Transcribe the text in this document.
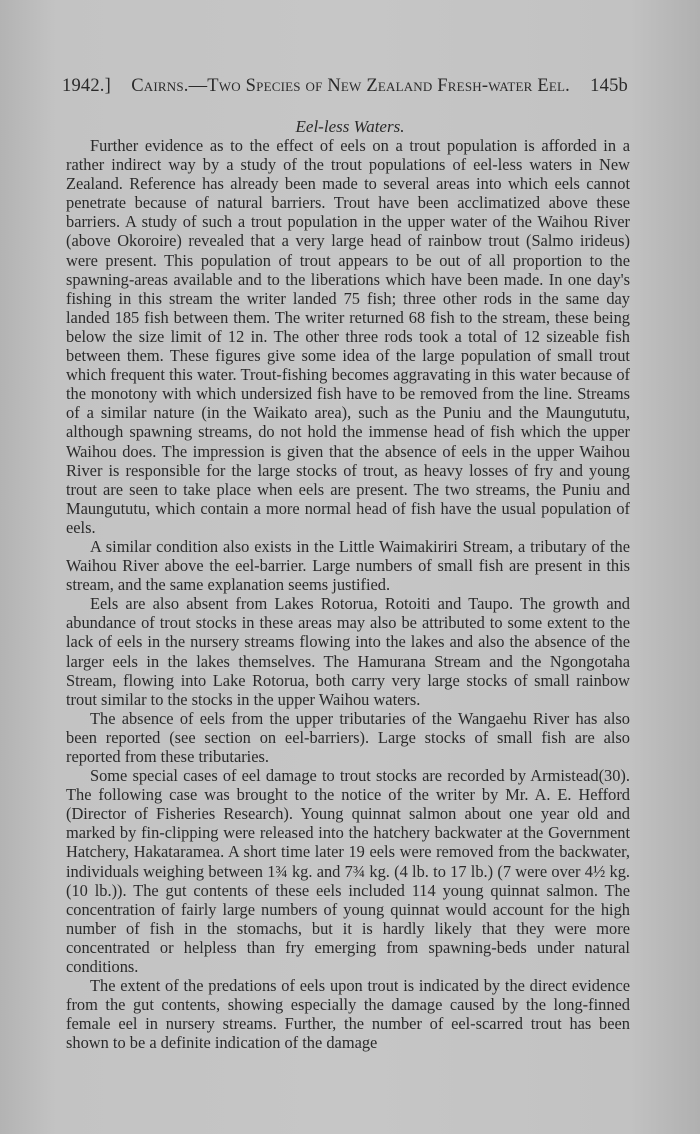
1942.] Cairns.—Two Species of New Zealand Fresh-water Eel. 145b
Eel-less Waters.

Further evidence as to the effect of eels on a trout population is afforded in a rather indirect way by a study of the trout populations of eel-less waters in New Zealand. Reference has already been made to several areas into which eels cannot penetrate because of natural barriers. Trout have been acclimatized above these barriers. A study of such a trout population in the upper water of the Waihou River (above Okoroire) revealed that a very large head of rainbow trout (Salmo irideus) were present. This population of trout appears to be out of all proportion to the spawning-areas available and to the liberations which have been made. In one day's fishing in this stream the writer landed 75 fish; three other rods in the same day landed 185 fish between them. The writer returned 68 fish to the stream, these being below the size limit of 12 in. The other three rods took a total of 12 sizeable fish between them. These figures give some idea of the large population of small trout which frequent this water. Trout-fishing becomes aggravating in this water because of the monotony with which undersized fish have to be removed from the line. Streams of a similar nature (in the Waikato area), such as the Puniu and the Maungututu, although spawning streams, do not hold the immense head of fish which the upper Waihou does. The impression is given that the absence of eels in the upper Waihou River is responsible for the large stocks of trout, as heavy losses of fry and young trout are seen to take place when eels are present. The two streams, the Puniu and Maungututu, which contain a more normal head of fish have the usual population of eels.

A similar condition also exists in the Little Waimakiriri Stream, a tributary of the Waihou River above the eel-barrier. Large numbers of small fish are present in this stream, and the same explanation seems justified.

Eels are also absent from Lakes Rotorua, Rotoiti and Taupo. The growth and abundance of trout stocks in these areas may also be attributed to some extent to the lack of eels in the nursery streams flowing into the lakes and also the absence of the larger eels in the lakes themselves. The Hamurana Stream and the Ngongotaha Stream, flowing into Lake Rotorua, both carry very large stocks of small rainbow trout similar to the stocks in the upper Waihou waters.

The absence of eels from the upper tributaries of the Wangaehu River has also been reported (see section on eel-barriers). Large stocks of small fish are also reported from these tributaries.

Some special cases of eel damage to trout stocks are recorded by Armistead(30). The following case was brought to the notice of the writer by Mr. A. E. Hefford (Director of Fisheries Research). Young quinnat salmon about one year old and marked by fin-clipping were released into the hatchery backwater at the Government Hatchery, Hakataramea. A short time later 19 eels were removed from the backwater, individuals weighing between 1¾ kg. and 7¾ kg. (4 lb. to 17 lb.) (7 were over 4½ kg. (10 lb.)). The gut contents of these eels included 114 young quinnat salmon. The concentration of fairly large numbers of young quinnat would account for the high number of fish in the stomachs, but it is hardly likely that they were more concentrated or helpless than fry emerging from spawning-beds under natural conditions.

The extent of the predations of eels upon trout is indicated by the direct evidence from the gut contents, showing especially the damage caused by the long-finned female eel in nursery streams. Further, the number of eel-scarred trout has been shown to be a definite indication of the damage
